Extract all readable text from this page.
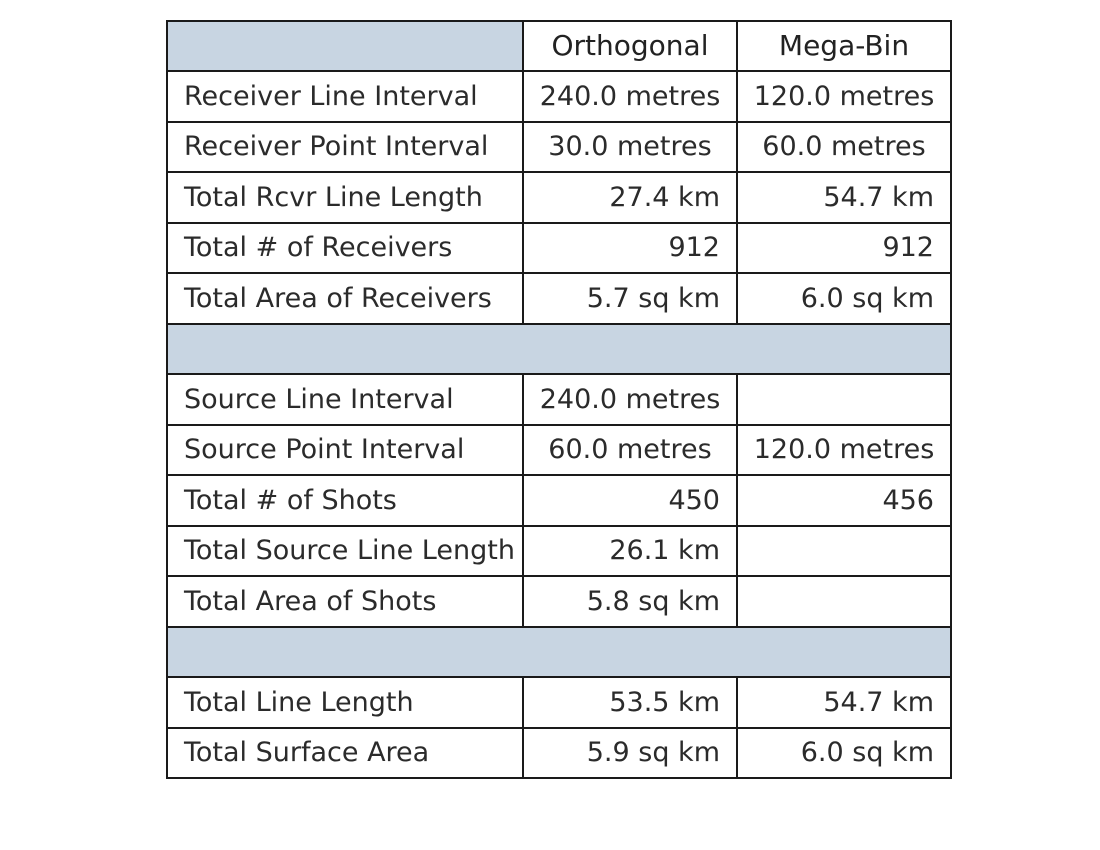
	Orthogonal	Mega-Bin
Receiver Line Interval	240.0 metres	120.0 metres
Receiver Point Interval	30.0 metres	60.0 metres
Total Rcvr Line Length	27.4 km	54.7 km
Total # of Receivers	912	912
Total Area of Receivers	5.7 sq km	6.0 sq km

Source Line Interval	240.0 metres	
Source Point Interval	60.0 metres	120.0 metres
Total # of Shots	450	456
Total Source Line Length	26.1 km	
Total Area of Shots	5.8 sq km	

Total Line Length	53.5 km	54.7 km
Total Surface Area	5.9 sq km	6.0 sq km
